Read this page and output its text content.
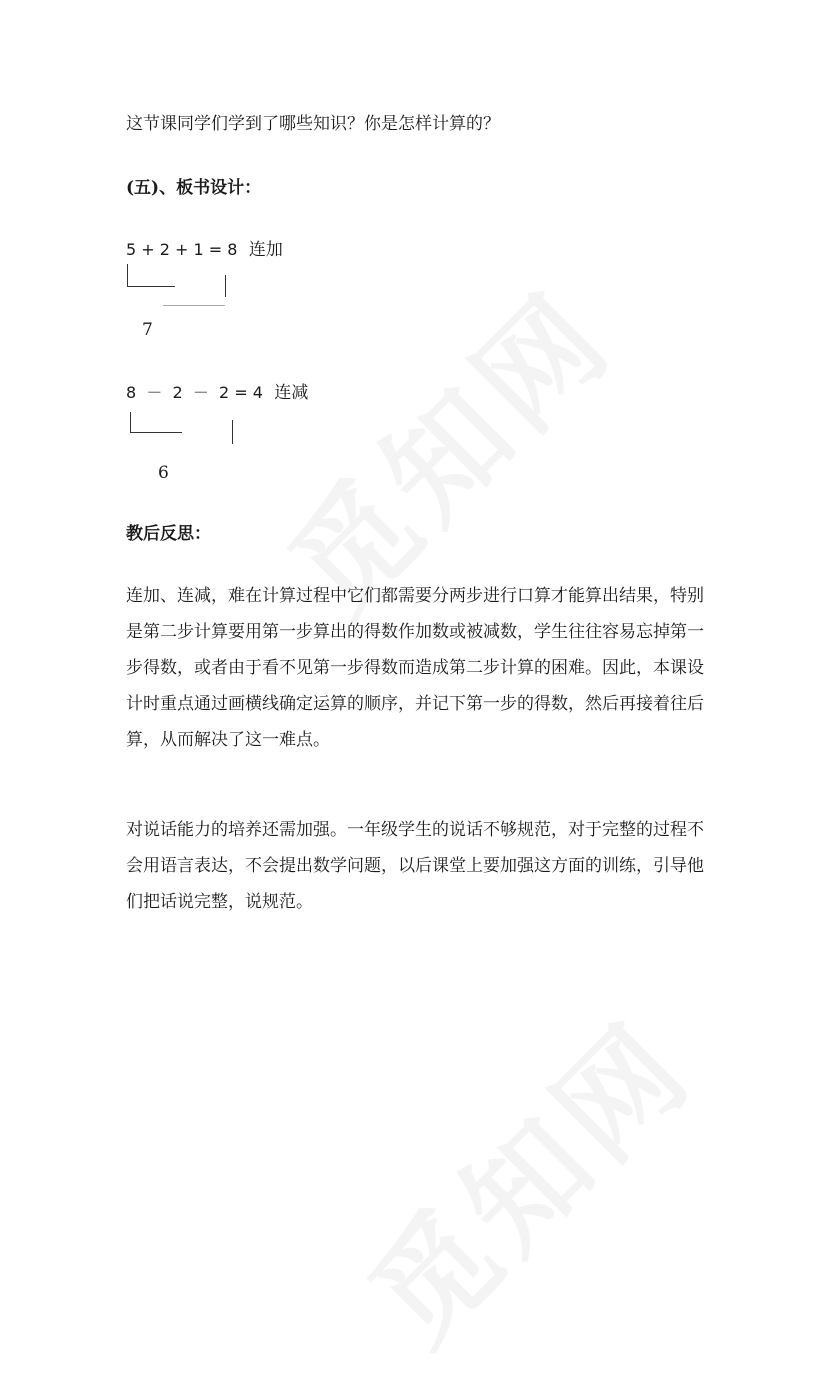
这节课同学们学到了哪些知识？你是怎样计算的？
(五)、板书设计：
5 + 2 + 1 = 8 连加
7
8  －  2  －  2 = 4 连减
6
教后反思：

连加、连减，难在计算过程中它们都需要分两步进行口算才能算出结果，特别是第二步计算要用第一步算出的得数作加数或被减数，学生往往容易忘掉第一步得数，或者由于看不见第一步得数而造成第二步计算的困难。因此，本课设计时重点通过画横线确定运算的顺序，并记下第一步的得数，然后再接着往后算，从而解决了这一难点。

对说话能力的培养还需加强。一年级学生的说话不够规范，对于完整的过程不会用语言表达，不会提出数学问题，以后课堂上要加强这方面的训练，引导他们把话说完整，说规范。
